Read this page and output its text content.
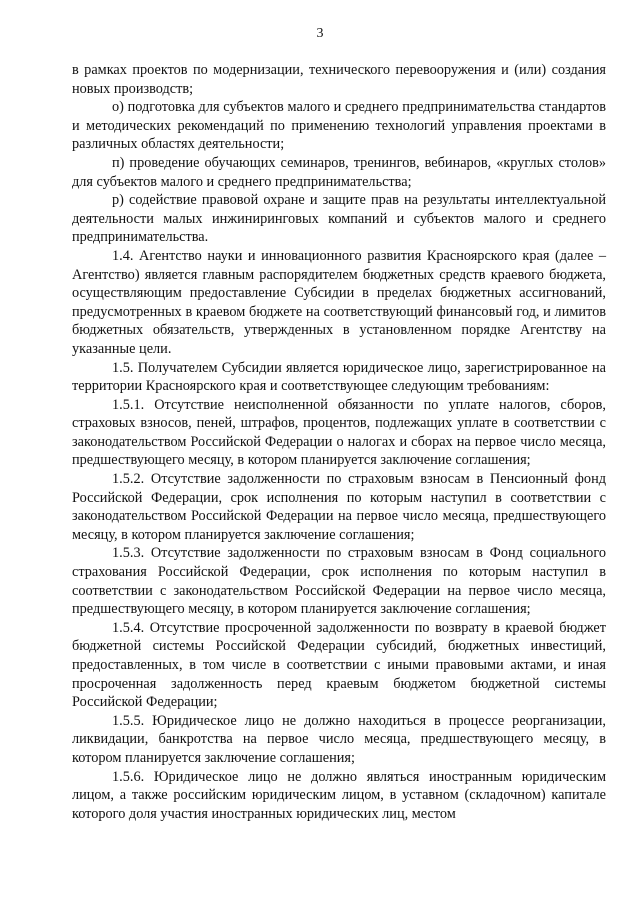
3

в рамках проектов по модернизации, технического перевооружения и (или) создания новых производств;

о) подготовка для субъектов малого и среднего предпринимательства стандартов и методических рекомендаций по применению технологий управления проектами в различных областях деятельности;

п) проведение обучающих семинаров, тренингов, вебинаров, «круглых столов» для субъектов малого и среднего предпринимательства;

р) содействие правовой охране и защите прав на результаты интеллектуальной деятельности малых инжиниринговых компаний и субъектов малого и среднего предпринимательства.

1.4. Агентство науки и инновационного развития Красноярского края (далее – Агентство) является главным распорядителем бюджетных средств краевого бюджета, осуществляющим предоставление Субсидии в пределах бюджетных ассигнований, предусмотренных в краевом бюджете на соответствующий финансовый год, и лимитов бюджетных обязательств, утвержденных в установленном порядке Агентству на указанные цели.

1.5. Получателем Субсидии является юридическое лицо, зарегистрированное на территории Красноярского края и соответствующее следующим требованиям:

1.5.1. Отсутствие неисполненной обязанности по уплате налогов, сборов, страховых взносов, пеней, штрафов, процентов, подлежащих уплате в соответствии с законодательством Российской Федерации о налогах и сборах на первое число месяца, предшествующего месяцу, в котором планируется заключение соглашения;

1.5.2. Отсутствие задолженности по страховым взносам в Пенсионный фонд Российской Федерации, срок исполнения по которым наступил в соответствии с законодательством Российской Федерации на первое число месяца, предшествующего месяцу, в котором планируется заключение соглашения;

1.5.3. Отсутствие задолженности по страховым взносам в Фонд социального страхования Российской Федерации, срок исполнения по которым наступил в соответствии с законодательством Российской Федерации на первое число месяца, предшествующего месяцу, в котором планируется заключение соглашения;

1.5.4. Отсутствие просроченной задолженности по возврату в краевой бюджет бюджетной системы Российской Федерации субсидий, бюджетных инвестиций, предоставленных, в том числе в соответствии с иными правовыми актами, и иная просроченная задолженность перед краевым бюджетом бюджетной системы Российской Федерации;

1.5.5. Юридическое лицо не должно находиться в процессе реорганизации, ликвидации, банкротства на первое число месяца, предшествующего месяцу, в котором планируется заключение соглашения;

1.5.6. Юридическое лицо не должно являться иностранным юридическим лицом, а также российским юридическим лицом, в уставном (складочном) капитале которого доля участия иностранных юридических лиц, местом
